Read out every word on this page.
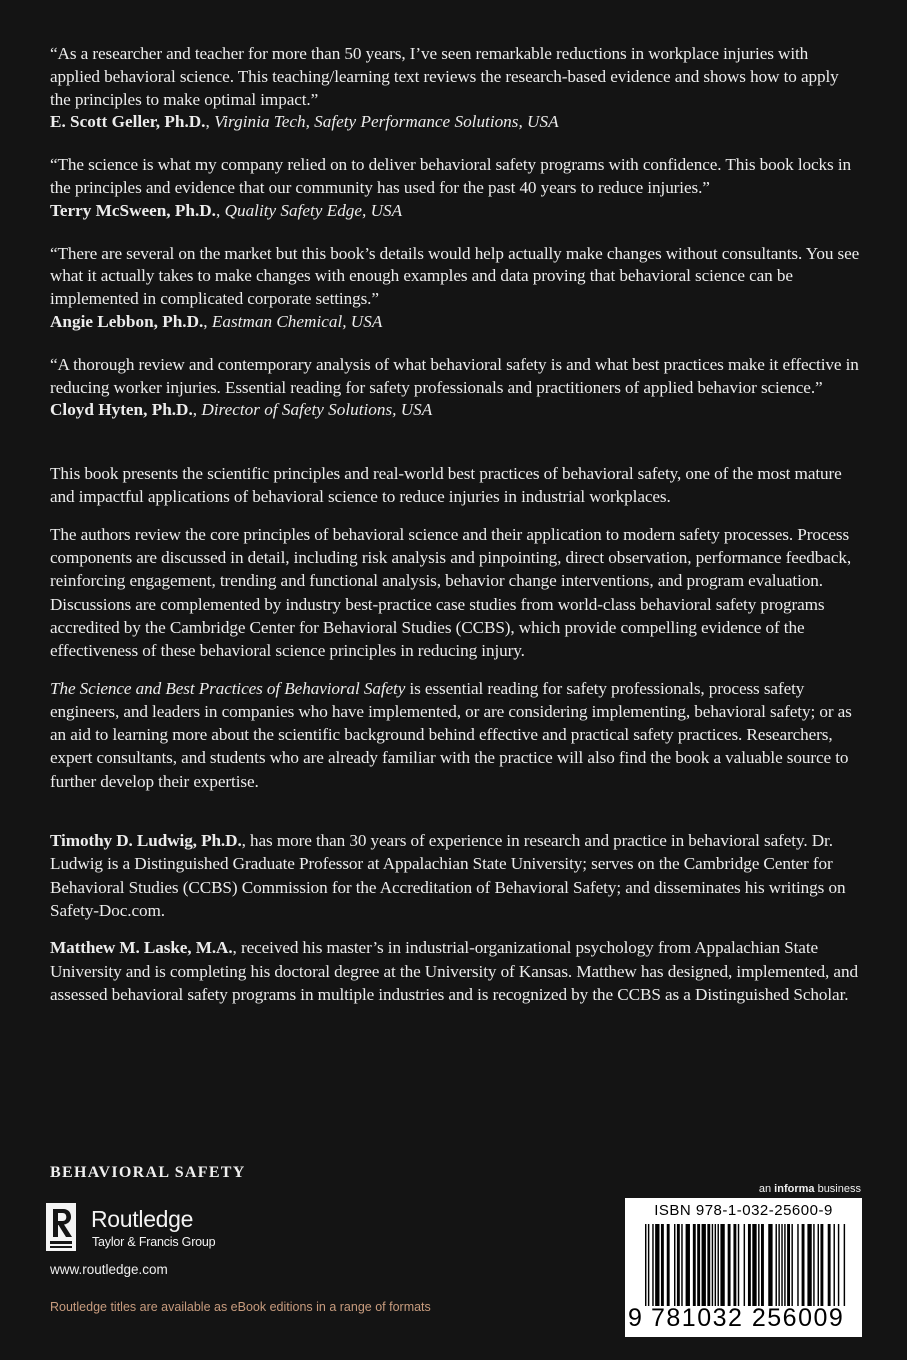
“As a researcher and teacher for more than 50 years, I’ve seen remarkable reductions in workplace injuries with applied behavioral science. This teaching/learning text reviews the research-based evidence and shows how to apply the principles to make optimal impact.”

E. Scott Geller, Ph.D., Virginia Tech, Safety Performance Solutions, USA

“The science is what my company relied on to deliver behavioral safety programs with confidence. This book locks in the principles and evidence that our community has used for the past 40 years to reduce injuries.”

Terry McSween, Ph.D., Quality Safety Edge, USA

“There are several on the market but this book’s details would help actually make changes without consultants. You see what it actually takes to make changes with enough examples and data proving that behavioral science can be implemented in complicated corporate settings.”

Angie Lebbon, Ph.D., Eastman Chemical, USA

“A thorough review and contemporary analysis of what behavioral safety is and what best practices make it effective in reducing worker injuries. Essential reading for safety professionals and practitioners of applied behavior science.”

Cloyd Hyten, Ph.D., Director of Safety Solutions, USA

This book presents the scientific principles and real-world best practices of behavioral safety, one of the most mature and impactful applications of behavioral science to reduce injuries in industrial workplaces.

The authors review the core principles of behavioral science and their application to modern safety processes. Process components are discussed in detail, including risk analysis and pinpointing, direct observation, performance feedback, reinforcing engagement, trending and functional analysis, behavior change interventions, and program evaluation. Discussions are complemented by industry best-practice case studies from world-class behavioral safety programs accredited by the Cambridge Center for Behavioral Studies (CCBS), which provide compelling evidence of the effectiveness of these behavioral science principles in reducing injury.

The Science and Best Practices of Behavioral Safety is essential reading for safety professionals, process safety engineers, and leaders in companies who have implemented, or are considering implementing, behavioral safety; or as an aid to learning more about the scientific background behind effective and practical safety practices. Researchers, expert consultants, and students who are already familiar with the practice will also find the book a valuable source to further develop their expertise.

Timothy D. Ludwig, Ph.D., has more than 30 years of experience in research and practice in behavioral safety. Dr. Ludwig is a Distinguished Graduate Professor at Appalachian State University; serves on the Cambridge Center for Behavioral Studies (CCBS) Commission for the Accreditation of Behavioral Safety; and disseminates his writings on Safety-Doc.com.

Matthew M. Laske, M.A., received his master’s in industrial-organizational psychology from Appalachian State University and is completing his doctoral degree at the University of Kansas. Matthew has designed, implemented, and assessed behavioral safety programs in multiple industries and is recognized by the CCBS as a Distinguished Scholar.

BEHAVIORAL SAFETY
Routledge
Taylor & Francis Group
www.routledge.com
Routledge titles are available as eBook editions in a range of formats
an informa business
ISBN 978-1-032-25600-9
9 781032 256009
